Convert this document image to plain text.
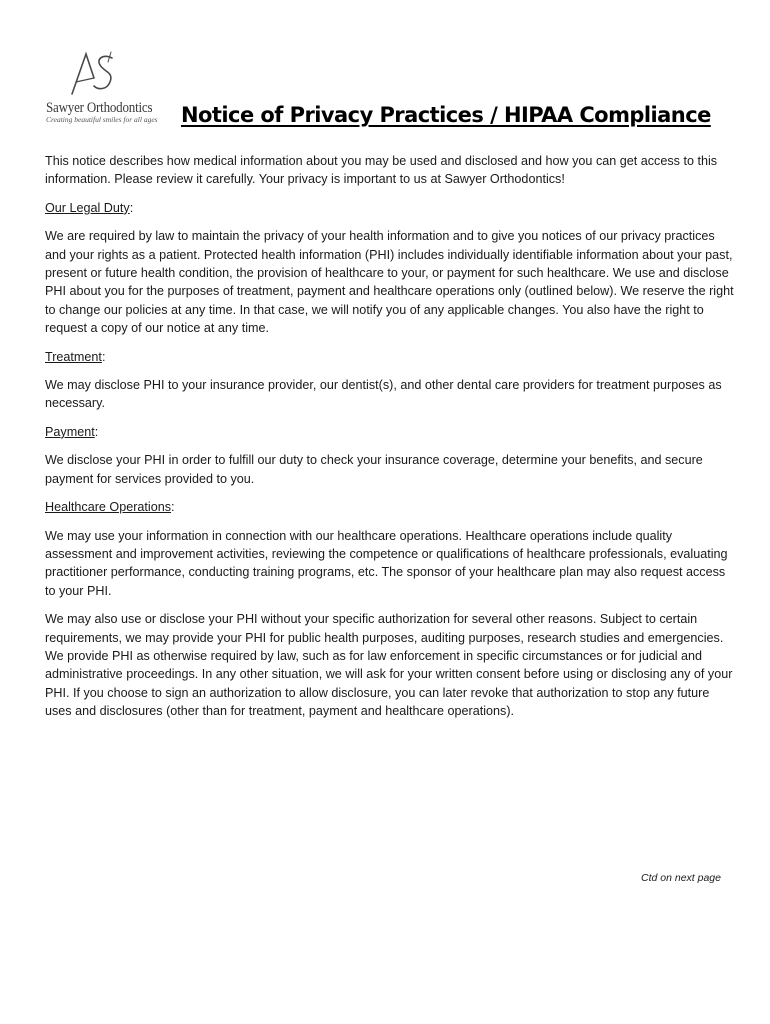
Sawyer Orthodontics
Creating beautiful smiles for all ages Notice of Privacy Practices / HIPAA Compliance

This notice describes how medical information about you may be used and disclosed and how you can get access to this information. Please review it carefully. Your privacy is important to us at Sawyer Orthodontics!

Our Legal Duty:

We are required by law to maintain the privacy of your health information and to give you notices of our privacy practices and your rights as a patient. Protected health information (PHI) includes individually identifiable information about your past, present or future health condition, the provision of healthcare to your, or payment for such healthcare. We use and disclose PHI about you for the purposes of treatment, payment and healthcare operations only (outlined below). We reserve the right to change our policies at any time. In that case, we will notify you of any applicable changes. You also have the right to request a copy of our notice at any time.

Treatment:

We may disclose PHI to your insurance provider, our dentist(s), and other dental care providers for treatment purposes as necessary.

Payment:

We disclose your PHI in order to fulfill our duty to check your insurance coverage, determine your benefits, and secure payment for services provided to you.

Healthcare Operations:

We may use your information in connection with our healthcare operations. Healthcare operations include quality assessment and improvement activities, reviewing the competence or qualifications of healthcare professionals, evaluating practitioner performance, conducting training programs, etc. The sponsor of your healthcare plan may also request access to your PHI.

We may also use or disclose your PHI without your specific authorization for several other reasons. Subject to certain requirements, we may provide your PHI for public health purposes, auditing purposes, research studies and emergencies. We provide PHI as otherwise required by law, such as for law enforcement in specific circumstances or for judicial and administrative proceedings. In any other situation, we will ask for your written consent before using or disclosing any of your PHI. If you choose to sign an authorization to allow disclosure, you can later revoke that authorization to stop any future uses and disclosures (other than for treatment, payment and healthcare operations).

Ctd on next page
